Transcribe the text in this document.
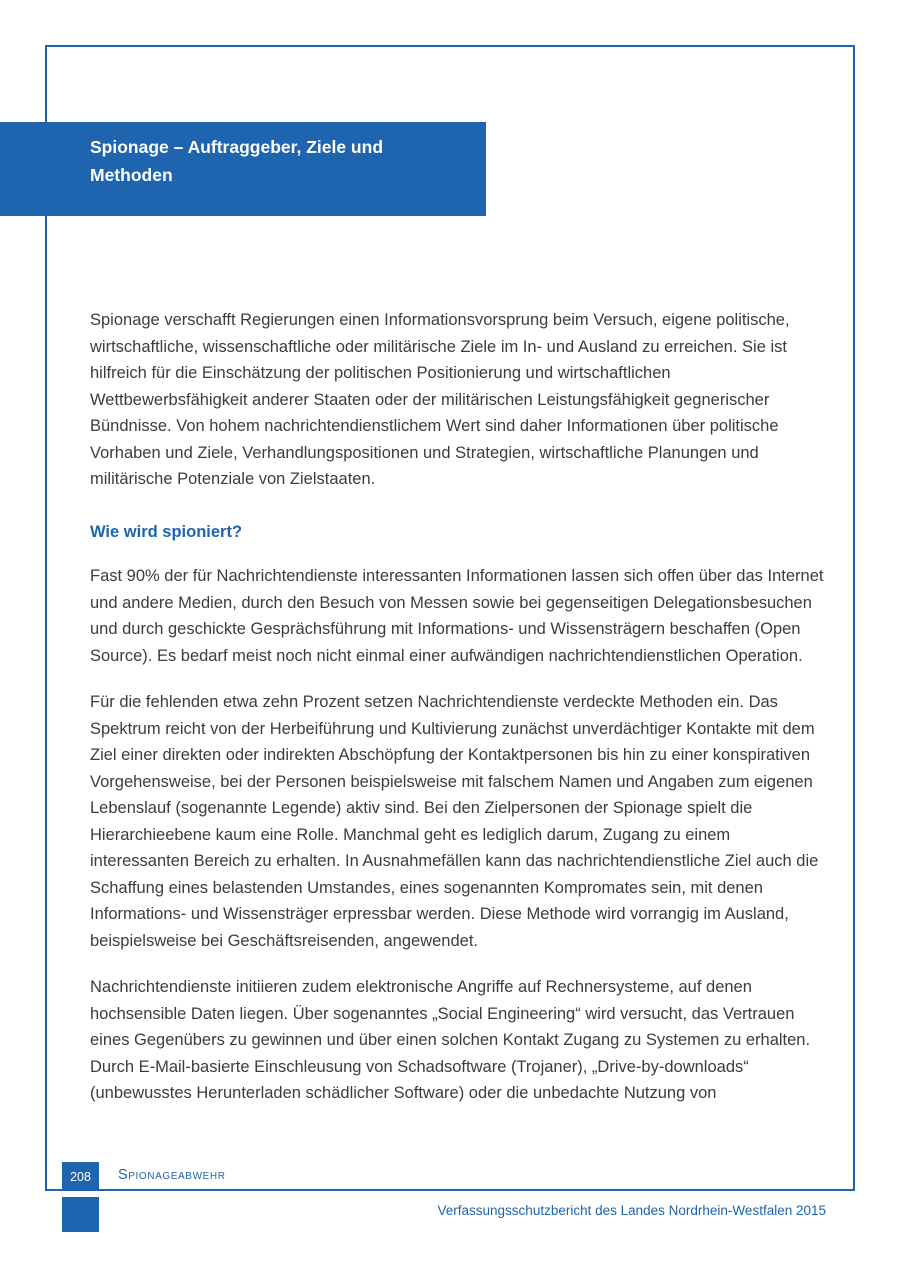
Spionage – Auftraggeber, Ziele und
Methoden

Spionage verschafft Regierungen einen Informationsvorsprung beim Versuch, eigene politische, wirtschaftliche, wissenschaftliche oder militärische Ziele im In- und Ausland zu erreichen. Sie ist hilfreich für die Einschätzung der politischen Positionierung und wirtschaftlichen Wettbewerbsfähigkeit anderer Staaten oder der militärischen Leistungsfähigkeit gegnerischer Bündnisse. Von hohem nachrichtendienstlichem Wert sind daher Informationen über politische Vorhaben und Ziele, Verhandlungspositionen und Strategien, wirtschaftliche Planungen und militärische Potenziale von Zielstaaten.

Wie wird spioniert?

Fast 90% der für Nachrichtendienste interessanten Informationen lassen sich offen über das Internet und andere Medien, durch den Besuch von Messen sowie bei gegenseitigen Delegationsbesuchen und durch geschickte Gesprächsführung mit Informations- und Wissensträgern beschaffen (Open Source). Es bedarf meist noch nicht einmal einer aufwändigen nachrichtendienstlichen Operation.

Für die fehlenden etwa zehn Prozent setzen Nachrichtendienste verdeckte Methoden ein. Das Spektrum reicht von der Herbeiführung und Kultivierung zunächst unverdächtiger Kontakte mit dem Ziel einer direkten oder indirekten Abschöpfung der Kontaktpersonen bis hin zu einer konspirativen Vorgehensweise, bei der Personen beispielsweise mit falschem Namen und Angaben zum eigenen Lebenslauf (sogenannte Legende) aktiv sind. Bei den Zielpersonen der Spionage spielt die Hierarchieebene kaum eine Rolle. Manchmal geht es lediglich darum, Zugang zu einem interessanten Bereich zu erhalten. In Ausnahmefällen kann das nachrichtendienstliche Ziel auch die Schaffung eines belastenden Umstandes, eines sogenannten Kompromates sein, mit denen Informations- und Wissensträger erpressbar werden. Diese Methode wird vorrangig im Ausland, beispielsweise bei Geschäftsreisenden, angewendet.

Nachrichtendienste initiieren zudem elektronische Angriffe auf Rechnersysteme, auf denen hochsensible Daten liegen. Über sogenanntes „Social Engineering“ wird versucht, das Vertrauen eines Gegenübers zu gewinnen und über einen solchen Kontakt Zugang zu Systemen zu erhalten. Durch E-Mail-basierte Einschleusung von Schadsoftware (Trojaner), „Drive-by-downloads“ (unbewusstes Herunterladen schädlicher Software) oder die unbedachte Nutzung von

208	Spionageabwehr
Verfassungsschutzbericht des Landes Nordrhein-Westfalen 2015
